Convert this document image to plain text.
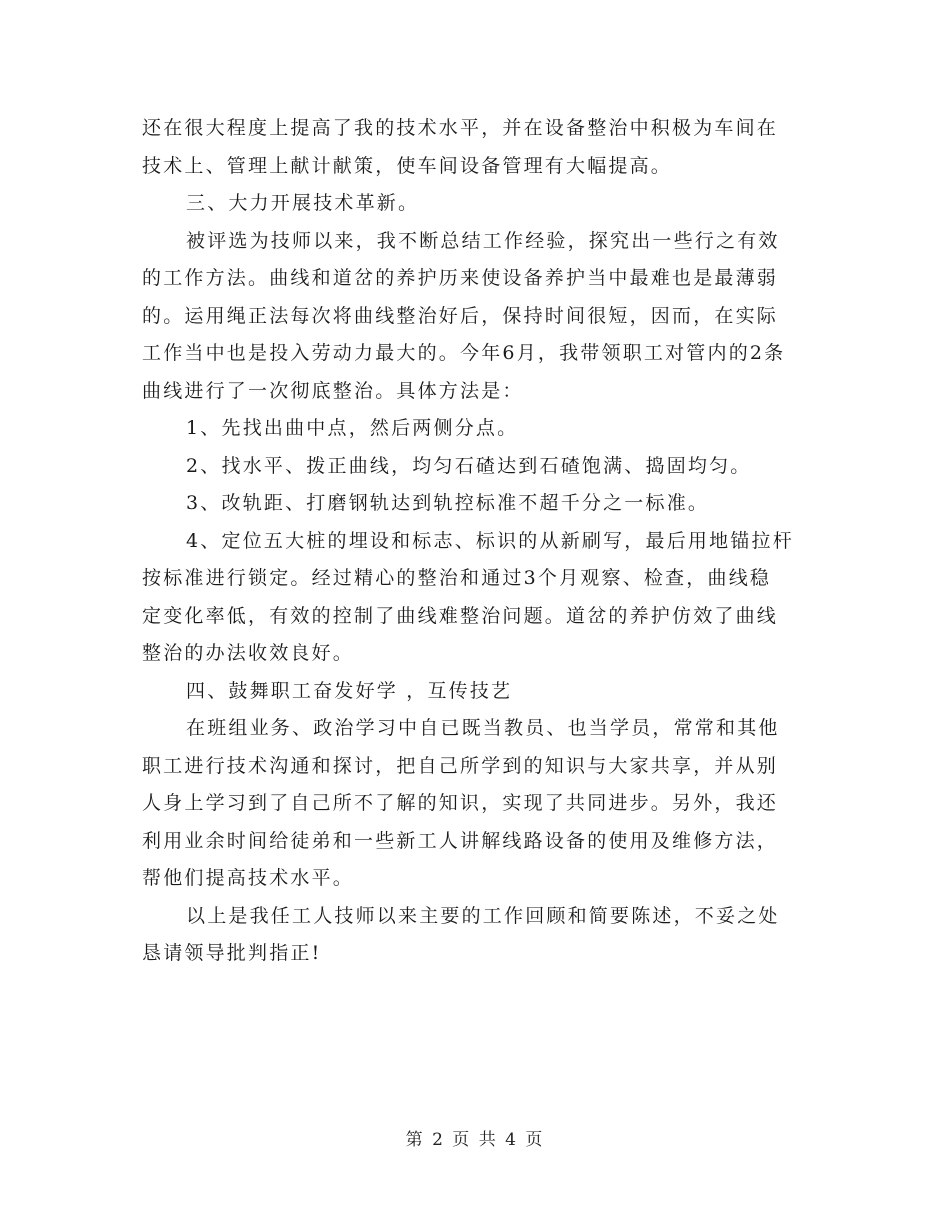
还在很大程度上提高了我的技术水平，并在设备整治中积极为车间在
技术上、管理上献计献策，使车间设备管理有大幅提高。

三、大力开展技术革新。

被评选为技师以来，我不断总结工作经验，探究出一些行之有效
的工作方法。曲线和道岔的养护历来使设备养护当中最难也是最薄弱
的。运用绳正法每次将曲线整治好后，保持时间很短，因而，在实际
工作当中也是投入劳动力最大的。今年6月，我带领职工对管内的2条
曲线进行了一次彻底整治。具体方法是：

1、先找出曲中点，然后两侧分点。

2、找水平、拨正曲线，均匀石碴达到石碴饱满、捣固均匀。

3、改轨距、打磨钢轨达到轨控标准不超千分之一标准。

4、定位五大桩的埋设和标志、标识的从新刷写，最后用地锚拉杆
按标准进行锁定。经过精心的整治和通过3个月观察、检查，曲线稳
定变化率低，有效的控制了曲线难整治问题。道岔的养护仿效了曲线
整治的办法收效良好。

四、鼓舞职工奋发好学 ，互传技艺

在班组业务、政治学习中自已既当教员、也当学员，常常和其他
职工进行技术沟通和探讨，把自己所学到的知识与大家共享，并从别
人身上学习到了自己所不了解的知识，实现了共同进步。另外，我还
利用业余时间给徒弟和一些新工人讲解线路设备的使用及维修方法，
帮他们提高技术水平。

以上是我任工人技师以来主要的工作回顾和简要陈述，不妥之处
恳请领导批判指正!

第 2 页 共 4 页
